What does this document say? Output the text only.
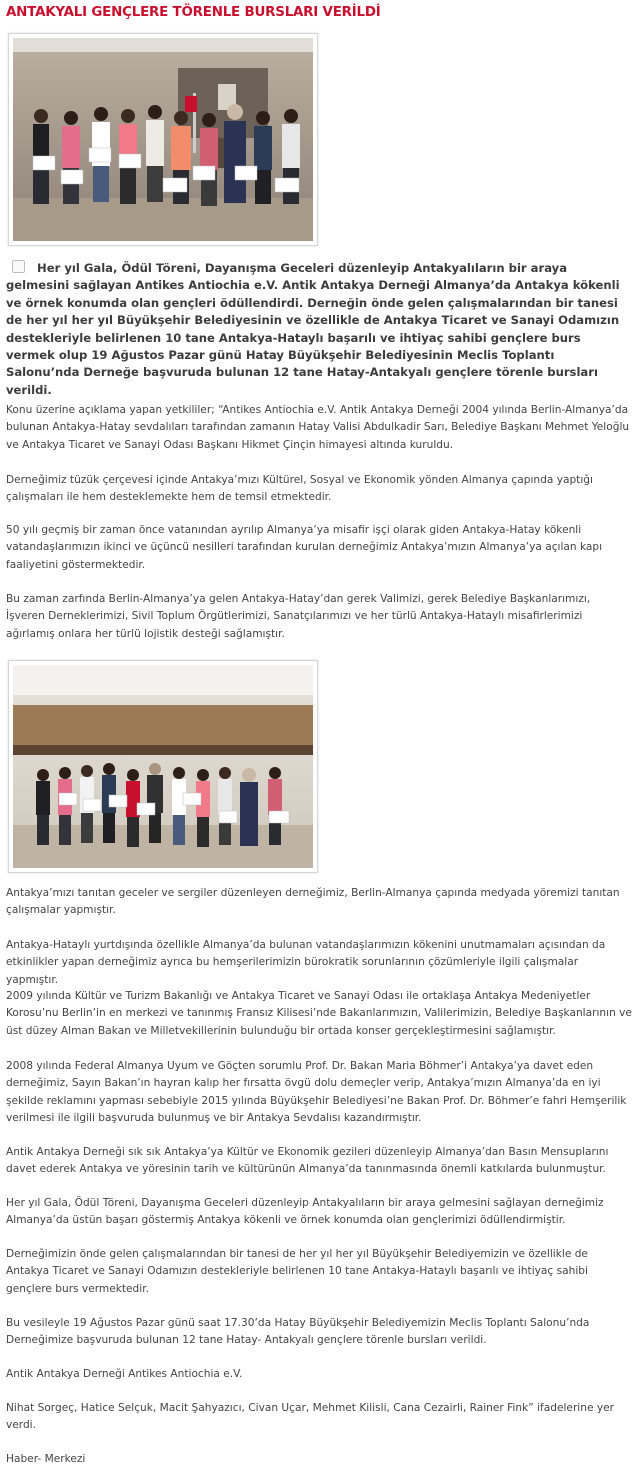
ANTAKYALI GENÇLERE TÖRENLE BURSLARI VERİLDİ
Her yıl Gala, Ödül Töreni, Dayanışma Geceleri düzenleyip Antakyalıların bir araya gelmesini sağlayan Antikes Antiochia e.V. Antik Antakya Derneği Almanya’da Antakya kökenli ve örnek konumda olan gençleri ödüllendirdi. Derneğin önde gelen çalışmalarından bir tanesi de her yıl her yıl Büyükşehir Belediyesinin ve özellikle de Antakya Ticaret ve Sanayi Odamızın destekleriyle belirlenen 10 tane Antakya-Hataylı başarılı ve ihtiyaç sahibi gençlere burs vermek olup 19 Ağustos Pazar günü Hatay Büyükşehir Belediyesinin Meclis Toplantı Salonu’nda Derneğe başvuruda bulunan 12 tane Hatay-Antakyalı gençlere törenle bursları verildi.
Konu üzerine açıklama yapan yetkililer; “Antikes Antiochia e.V. Antik Antakya Derneği 2004 yılında Berlin-Almanya’da bulunan Antakya-Hatay sevdalıları tarafından zamanın Hatay Valisi Abdulkadir Sarı, Belediye Başkanı Mehmet Yeloğlu ve Antakya Ticaret ve Sanayi Odası Başkanı Hikmet Çinçin himayesi altında kuruldu.
Derneğimiz tüzük çerçevesi içinde Antakya’mızı Kültürel, Sosyal ve Ekonomik yönden Almanya çapında yaptığı çalışmaları ile hem desteklemekte hem de temsil etmektedir.
50 yılı geçmiş bir zaman önce vatanından ayrılıp Almanya’ya misafir işçi olarak giden Antakya-Hatay kökenli vatandaşlarımızın ikinci ve üçüncü nesilleri tarafından kurulan derneğimiz Antakya’mızın Almanya’ya açılan kapı faaliyetini göstermektedir.
Bu zaman zarfında Berlin-Almanya’ya gelen Antakya-Hatay’dan gerek Valimizi, gerek Belediye Başkanlarımızı, İşveren Derneklerimizi, Sivil Toplum Örgütlerimizi, Sanatçılarımızı ve her türlü Antakya-Hataylı misafirlerimizi ağırlamış onlara her türlü lojistik desteği sağlamıştır.
Antakya’mızı tanıtan geceler ve sergiler düzenleyen derneğimiz, Berlin-Almanya çapında medyada yöremizi tanıtan çalışmalar yapmıştır.
Antakya-Hataylı yurtdışında özellikle Almanya’da bulunan vatandaşlarımızın kökenini unutmamaları açısından da etkinlikler yapan derneğimiz ayrıca bu hemşerilerimizin bürokratik sorunlarının çözümleriyle ilgili çalışmalar yapmıştır.
2009 yılında Kültür ve Turizm Bakanlığı ve Antakya Ticaret ve Sanayi Odası ile ortaklaşa Antakya Medeniyetler Korosu’nu Berlin’in en merkezi ve tanınmış Fransız Kilisesi’nde Bakanlarımızın, Valilerimizin, Belediye Başkanlarının ve üst düzey Alman Bakan ve Milletvekillerinin bulunduğu bir ortada konser gerçekleştirmesini sağlamıştır.
2008 yılında Federal Almanya Uyum ve Göçten sorumlu Prof. Dr. Bakan Maria Böhmer’i Antakya’ya davet eden derneğimiz, Sayın Bakan’ın hayran kalıp her fırsatta övgü dolu demeçler verip, Antakya’mızın Almanya’da en iyi şekilde reklamını yapması sebebiyle 2015 yılında Büyükşehir Belediyesi’ne Bakan Prof. Dr. Böhmer’e fahri Hemşerilik verilmesi ile ilgili başvuruda bulunmuş ve bir Antakya Sevdalısı kazandırmıştır.
Antik Antakya Derneği sık sık Antakya’ya Kültür ve Ekonomik gezileri düzenleyip Almanya’dan Basın Mensuplarını davet ederek Antakya ve yöresinin tarih ve kültürünün Almanya’da tanınmasında önemli katkılarda bulunmuştur.
Her yıl Gala, Ödül Töreni, Dayanışma Geceleri düzenleyip Antakyalıların bir araya gelmesini sağlayan derneğimiz Almanya’da üstün başarı göstermiş Antakya kökenli ve örnek konumda olan gençlerimizi ödüllendirmiştir.
Derneğimizin önde gelen çalışmalarından bir tanesi de her yıl her yıl Büyükşehir Belediyemizin ve özellikle de Antakya Ticaret ve Sanayi Odamızın destekleriyle belirlenen 10 tane Antakya-Hataylı başarılı ve ihtiyaç sahibi gençlere burs vermektedir.
Bu vesileyle 19 Ağustos Pazar günü saat 17.30’da Hatay Büyükşehir Belediyemizin Meclis Toplantı Salonu’nda Derneğimize başvuruda bulunan 12 tane Hatay- Antakyalı gençlere törenle bursları verildi.
Antik Antakya Derneği Antikes Antiochia e.V.
Nihat Sorgeç, Hatice Selçuk, Macit Şahyazıcı, Civan Uçar, Mehmet Kilisli, Cana Cezairli, Rainer Fink” ifadelerine yer verdi.
Haber- Merkezi
